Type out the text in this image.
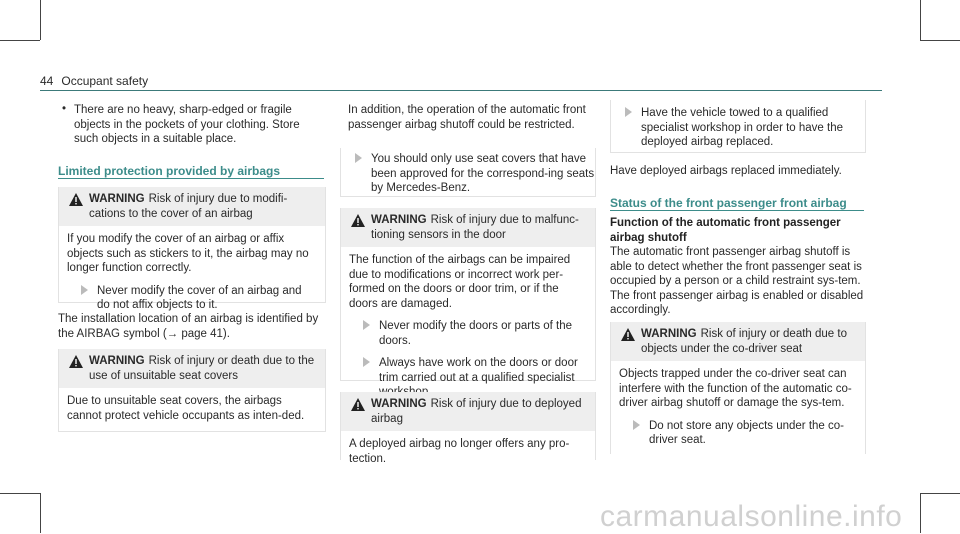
44 Occupant safety
• There are no heavy, sharp-edged or fragile objects in the pockets of your clothing. Store such objects in a suitable place.

Limited protection provided by airbags
WARNING Risk of injury due to modifi-cations to the cover of an airbag

If you modify the cover of an airbag or affix objects such as stickers to it, the airbag may no longer function correctly.

Never modify the cover of an airbag and do not affix objects to it.

The installation location of an airbag is identified by the AIRBAG symbol (→ page 41).

WARNING Risk of injury or death due to the use of unsuitable seat covers

Due to unsuitable seat covers, the airbags cannot protect vehicle occupants as inten-ded.

In addition, the operation of the automatic front passenger airbag shutoff could be restricted.

You should only use seat covers that have been approved for the correspond-ing seats by Mercedes-Benz.

WARNING Risk of injury due to malfunc-tioning sensors in the door

The function of the airbags can be impaired due to modifications or incorrect work per-formed on the doors or door trim, or if the doors are damaged.

Never modify the doors or parts of the doors.

Always have work on the doors or door trim carried out at a qualified specialist

WARNING Risk of injury due to deployed airbag

A deployed airbag no longer offers any pro-tection.

Have the vehicle towed to a qualified specialist workshop in order to have the deployed airbag replaced.

Have deployed airbags replaced immediately.

Status of the front passenger front airbag

Function of the automatic front passenger airbag shutoff

The automatic front passenger airbag shutoff is able to detect whether the front passenger seat is occupied by a person or a child restraint sys-tem. The front passenger airbag is enabled or disabled accordingly.

WARNING Risk of injury or death due to objects under the co-driver seat

Objects trapped under the co-driver seat can interfere with the function of the automatic co-driver airbag shutoff or damage the sys-tem.

Do not store any objects under the co-driver seat.

carmanualsonline.info
